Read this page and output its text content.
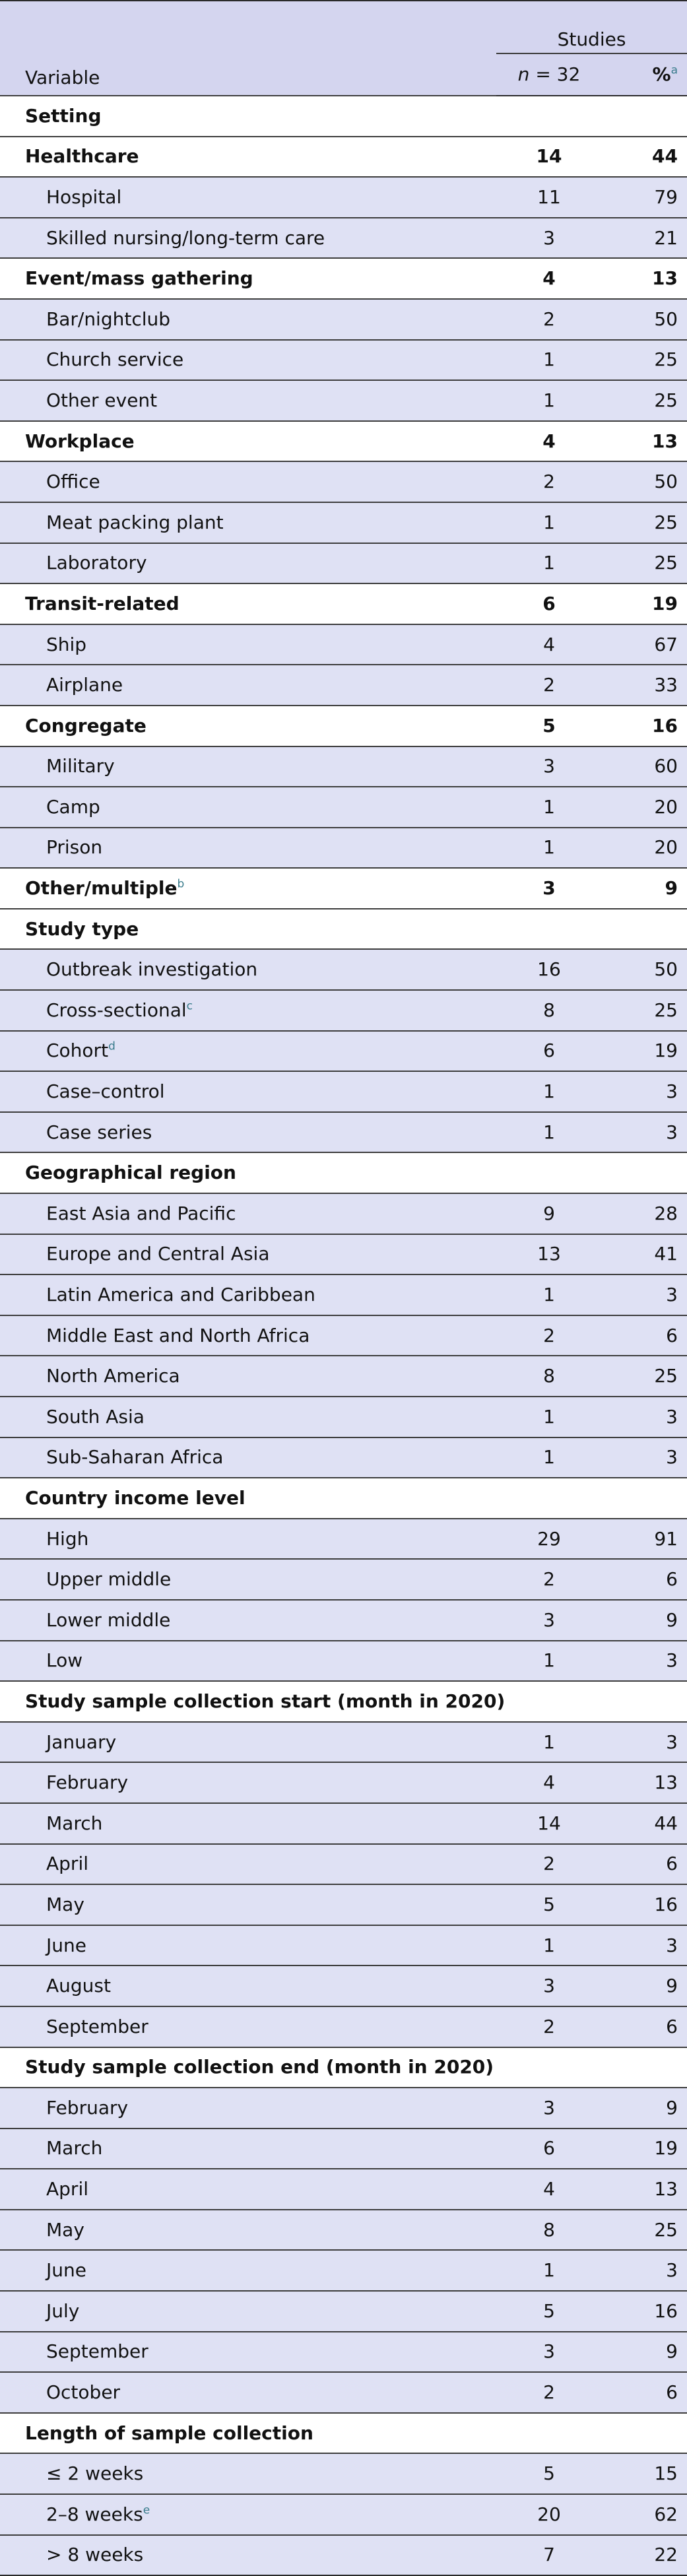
Variable	Studies	
	n = 32	%$^a$
Setting		
Healthcare	14	44
Hospital	11	79
Skilled nursing/long-term care	3	21
Event/mass gathering	4	13
Bar/nightclub	2	50
Church service	1	25
Other event	1	25
Workplace	4	13
Office	2	50
Meat packing plant	1	25
Laboratory	1	25
Transit-related	6	19
Ship	4	67
Airplane	2	33
Congregate	5	16
Military	3	60
Camp	1	20
Prison	1	20
Other/multiple$^b$	3	9
Study type		
Outbreak investigation	16	50
Cross-sectional$^c$	8	25
Cohort$^d$	6	19
Case–control	1	3
Case series	1	3
Geographical region		
East Asia and Pacific	9	28
Europe and Central Asia	13	41
Latin America and Caribbean	1	3
Middle East and North Africa	2	6
North America	8	25
South Asia	1	3
Sub-Saharan Africa	1	3
Country income level		
High	29	91
Upper middle	2	6
Lower middle	3	9
Low	1	3
Study sample collection start (month in 2020)		
January	1	3
February	4	13
March	14	44
April	2	6
May	5	16
June	1	3
August	3	9
September	2	6
Study sample collection end (month in 2020)		
February	3	9
March	6	19
April	4	13
May	8	25
June	1	3
July	5	16
September	3	9
October	2	6
Length of sample collection		
≤ 2 weeks	5	15
2–8 weeks$^e$	20	62
> 8 weeks	7	22
